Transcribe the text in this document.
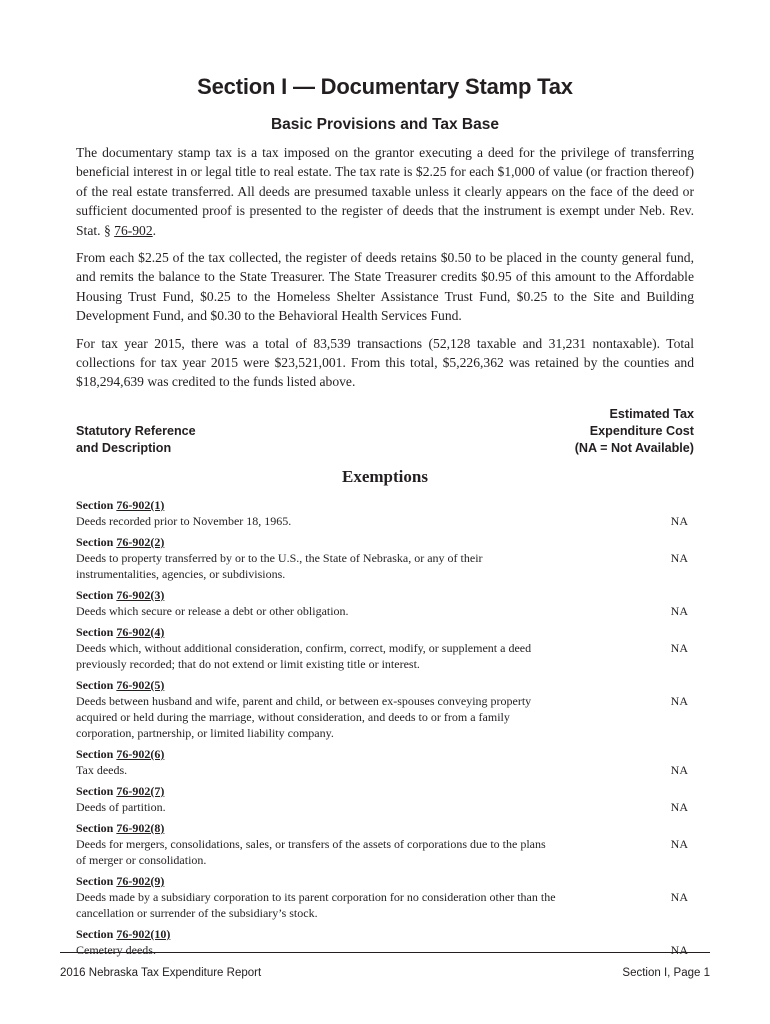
Section I — Documentary Stamp Tax
Basic Provisions and Tax Base

The documentary stamp tax is a tax imposed on the grantor executing a deed for the privilege of transferring beneficial interest in or legal title to real estate. The tax rate is $2.25 for each $1,000 of value (or fraction thereof) of the real estate transferred. All deeds are presumed taxable unless it clearly appears on the face of the deed or sufficient documented proof is presented to the register of deeds that the instrument is exempt under Neb. Rev. Stat. § 76-902.

From each $2.25 of the tax collected, the register of deeds retains $0.50 to be placed in the county general fund, and remits the balance to the State Treasurer. The State Treasurer credits $0.95 of this amount to the Affordable Housing Trust Fund, $0.25 to the Homeless Shelter Assistance Trust Fund, $0.25 to the Site and Building Development Fund, and $0.30 to the Behavioral Health Services Fund.

For tax year 2015, there was a total of 83,539 transactions (52,128 taxable and 31,231 nontaxable). Total collections for tax year 2015 were $23,521,001. From this total, $5,226,362 was retained by the counties and $18,294,639 was credited to the funds listed above.

Statutory Reference
and Description
Estimated Tax
Expenditure Cost
(NA = Not Available)
Exemptions
Section 76-902(1)
Deeds recorded prior to November 18, 1965.	NA
Section 76-902(2)
Deeds to property transferred by or to the U.S., the State of Nebraska, or any of their instrumentalities, agencies, or subdivisions.
NA
Section 76-902(3)
Deeds which secure or release a debt or other obligation.	NA
Section 76-902(4)
Deeds which, without additional consideration, confirm, correct, modify, or supplement a deed previously recorded; that do not extend or limit existing title or interest.
NA
Section 76-902(5)
Deeds between husband and wife, parent and child, or between ex-spouses conveying property acquired or held during the marriage, without consideration, and deeds to or from a family corporation, partnership, or limited liability company.
NA
Section 76-902(6)
Tax deeds.	NA
Section 76-902(7)
Deeds of partition.	NA
Section 76-902(8)
Deeds for mergers, consolidations, sales, or transfers of the assets of corporations due to the plans of merger or consolidation.
NA
Section 76-902(9)
Deeds made by a subsidiary corporation to its parent corporation for no consideration other than the cancellation or surrender of the subsidiary’s stock.
NA
Section 76-902(10)
Cemetery deeds.	NA
2016 Nebraska Tax Expenditure Report	Section I, Page 1
